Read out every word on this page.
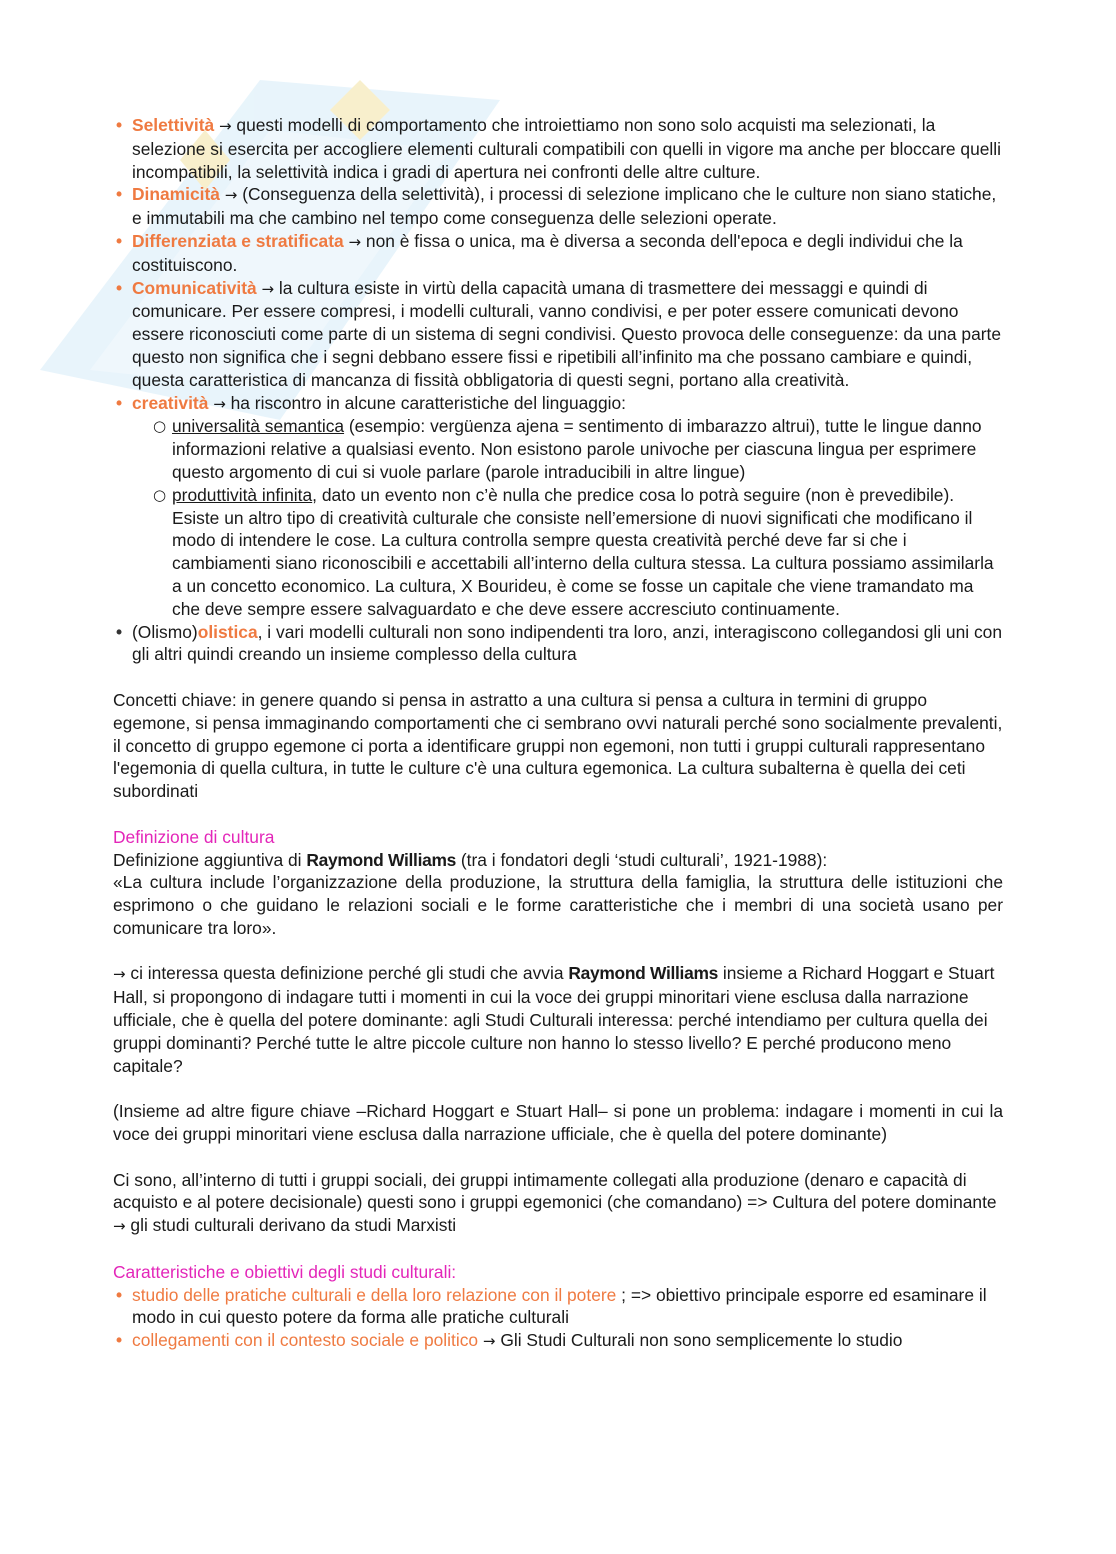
• Selettività → questi modelli di comportamento che introiettiamo non sono solo acquisti ma selezionati, la selezione si esercita per accogliere elementi culturali compatibili con quelli in vigore ma anche per bloccare quelli incompatibili, la selettività indica i gradi di apertura nei confronti delle altre culture.
• Dinamicità → (Conseguenza della selettività), i processi di selezione implicano che le culture non siano statiche, e immutabili ma che cambino nel tempo come conseguenza delle selezioni operate.
• Differenziata e stratificata → non è fissa o unica, ma è diversa a seconda dell'epoca e degli individui che la costituiscono.
• Comunicatività → la cultura esiste in virtù della capacità umana di trasmettere dei messaggi e quindi di comunicare. Per essere compresi, i modelli culturali, vanno condivisi, e per poter essere comunicati devono essere riconosciuti come parte di un sistema di segni condivisi. Questo provoca delle conseguenze: da una parte questo non significa che i segni debbano essere fissi e ripetibili all’infinito ma che possano cambiare e quindi, questa caratteristica di mancanza di fissità obbligatoria di questi segni, portano alla creatività.
• creatività → ha riscontro in alcune caratteristiche del linguaggio:
○ universalità semantica (esempio: vergüenza ajena = sentimento di imbarazzo altrui), tutte le lingue danno informazioni relative a qualsiasi evento. Non esistono parole univoche per ciascuna lingua per esprimere questo argomento di cui si vuole parlare (parole intraducibili in altre lingue)
○ produttività infinita, dato un evento non c’è nulla che predice cosa lo potrà seguire (non è prevedibile). Esiste un altro tipo di creatività culturale che consiste nell’emersione di nuovi significati che modificano il modo di intendere le cose. La cultura controlla sempre questa creatività perché deve far si che i cambiamenti siano riconoscibili e accettabili all’interno della cultura stessa. La cultura possiamo assimilarla a un concetto economico. La cultura, X Bourideu, è come se fosse un capitale che viene tramandato ma che deve sempre essere salvaguardato e che deve essere accresciuto continuamente.
• (Olismo)olistica, i vari modelli culturali non sono indipendenti tra loro, anzi, interagiscono collegandosi gli uni con gli altri quindi creando un insieme complesso della cultura

Concetti chiave: in genere quando si pensa in astratto a una cultura si pensa a cultura in termini di gruppo egemone, si pensa immaginando comportamenti che ci sembrano ovvi naturali perché sono socialmente prevalenti, il concetto di gruppo egemone ci porta a identificare gruppi non egemoni, non tutti i gruppi culturali rappresentano l'egemonia di quella cultura, in tutte le culture c'è una cultura egemonica. La cultura subalterna è quella dei ceti subordinati

Definizione di cultura

Definizione aggiuntiva di Raymond Williams (tra i fondatori degli ‘studi culturali’, 1921-1988):

«La cultura include l’organizzazione della produzione, la struttura della famiglia, la struttura delle istituzioni che esprimono o che guidano le relazioni sociali e le forme caratteristiche che i membri di una società usano per comunicare tra loro».

→ ci interessa questa definizione perché gli studi che avvia Raymond Williams insieme a Richard Hoggart e Stuart Hall, si propongono di indagare tutti i momenti in cui la voce dei gruppi minoritari viene esclusa dalla narrazione ufficiale, che è quella del potere dominante: agli Studi Culturali interessa: perché intendiamo per cultura quella dei gruppi dominanti? Perché tutte le altre piccole culture non hanno lo stesso livello? E perché producono meno capitale?

(Insieme ad altre figure chiave –Richard Hoggart e Stuart Hall– si pone un problema: indagare i momenti in cui la voce dei gruppi minoritari viene esclusa dalla narrazione ufficiale, che è quella del potere dominante)

Ci sono, all’interno di tutti i gruppi sociali, dei gruppi intimamente collegati alla produzione (denaro e capacità di acquisto e al potere decisionale) questi sono i gruppi egemonici (che comandano) => Cultura del potere dominante → gli studi culturali derivano da studi Marxisti

Caratteristiche e obiettivi degli studi culturali:

• studio delle pratiche culturali e della loro relazione con il potere ; => obiettivo principale esporre ed esaminare il modo in cui questo potere da forma alle pratiche culturali
• collegamenti con il contesto sociale e politico → Gli Studi Culturali non sono semplicemente lo studio
